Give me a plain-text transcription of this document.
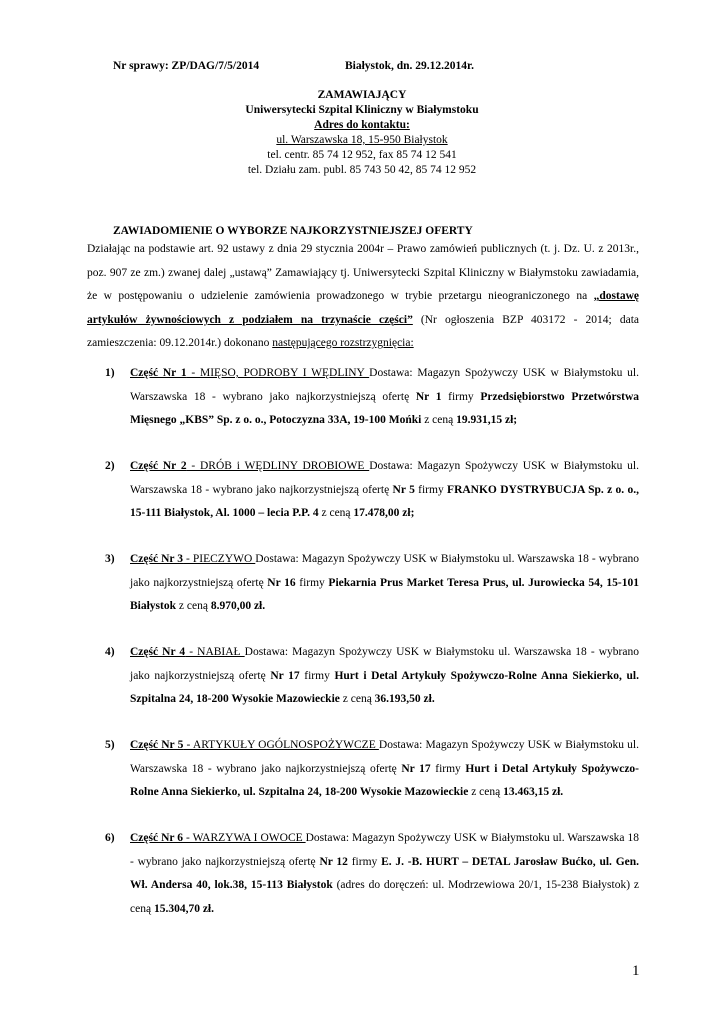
Nr sprawy: ZP/DAG/7/5/2014	Białystok, dn. 29.12.2014r.
ZAMAWIAJĄCY
Uniwersytecki Szpital Kliniczny w Białymstoku
Adres do kontaktu:
ul. Warszawska 18, 15-950 Białystok
tel. centr. 85 74 12 952, fax 85 74 12 541
tel. Działu zam. publ. 85 743 50 42, 85 74 12 952
ZAWIADOMIENIE O WYBORZE NAJKORZYSTNIEJSZEJ OFERTY
Działając na podstawie art. 92 ustawy z dnia 29 stycznia 2004r – Prawo zamówień publicznych (t. j. Dz. U. z 2013r., poz. 907 ze zm.) zwanej dalej „ustawą” Zamawiający tj. Uniwersytecki Szpital Kliniczny w Białymstoku zawiadamia, że w postępowaniu o udzielenie zamówienia prowadzonego w trybie przetargu nieograniczonego na „dostawę artykułów żywnościowych z podziałem na trzynaście części” (Nr ogłoszenia BZP 403172 - 2014; data zamieszczenia: 09.12.2014r.) dokonano następującego rozstrzygnięcia:
1) Część Nr 1 - MIĘSO, PODROBY I WĘDLINY Dostawa: Magazyn Spożywczy USK w Białymstoku ul. Warszawska 18 - wybrano jako najkorzystniejszą ofertę Nr 1 firmy Przedsiębiorstwo Przetwórstwa Mięsnego „KBS” Sp. z o. o., Potoczyzna 33A, 19-100 Mońki z ceną 19.931,15 zł;
2) Część Nr 2 - DRÓB i WĘDLINY DROBIOWE Dostawa: Magazyn Spożywczy USK w Białymstoku ul. Warszawska 18 - wybrano jako najkorzystniejszą ofertę Nr 5 firmy FRANKO DYSTRYBUCJA Sp. z o. o., 15-111 Białystok, Al. 1000 – lecia P.P. 4 z ceną 17.478,00 zł;
3) Część Nr 3 - PIECZYWO Dostawa: Magazyn Spożywczy USK w Białymstoku ul. Warszawska 18 - wybrano jako najkorzystniejszą ofertę Nr 16 firmy Piekarnia Prus Market Teresa Prus, ul. Jurowiecka 54, 15-101 Białystok z ceną 8.970,00 zł.
4) Część Nr 4 - NABIAŁ Dostawa: Magazyn Spożywczy USK w Białymstoku ul. Warszawska 18 - wybrano jako najkorzystniejszą ofertę Nr 17 firmy Hurt i Detal Artykuły Spożywczo-Rolne Anna Siekierko, ul. Szpitalna 24, 18-200 Wysokie Mazowieckie z ceną 36.193,50 zł.
5) Część Nr 5 - ARTYKUŁY OGÓLNOSPOŻYWCZE Dostawa: Magazyn Spożywczy USK w Białymstoku ul. Warszawska 18 - wybrano jako najkorzystniejszą ofertę Nr 17 firmy Hurt i Detal Artykuły Spożywczo-Rolne Anna Siekierko, ul. Szpitalna 24, 18-200 Wysokie Mazowieckie z ceną 13.463,15 zł.
6) Część Nr 6 - WARZYWA I OWOCE Dostawa: Magazyn Spożywczy USK w Białymstoku ul. Warszawska 18 - wybrano jako najkorzystniejszą ofertę Nr 12 firmy E. J. -B. HURT – DETAL Jarosław Bućko, ul. Gen. Wł. Andersa 40, lok.38, 15-113 Białystok (adres do doręczeń: ul. Modrzewiowa 20/1, 15-238 Białystok) z ceną 15.304,70 zł.
1
